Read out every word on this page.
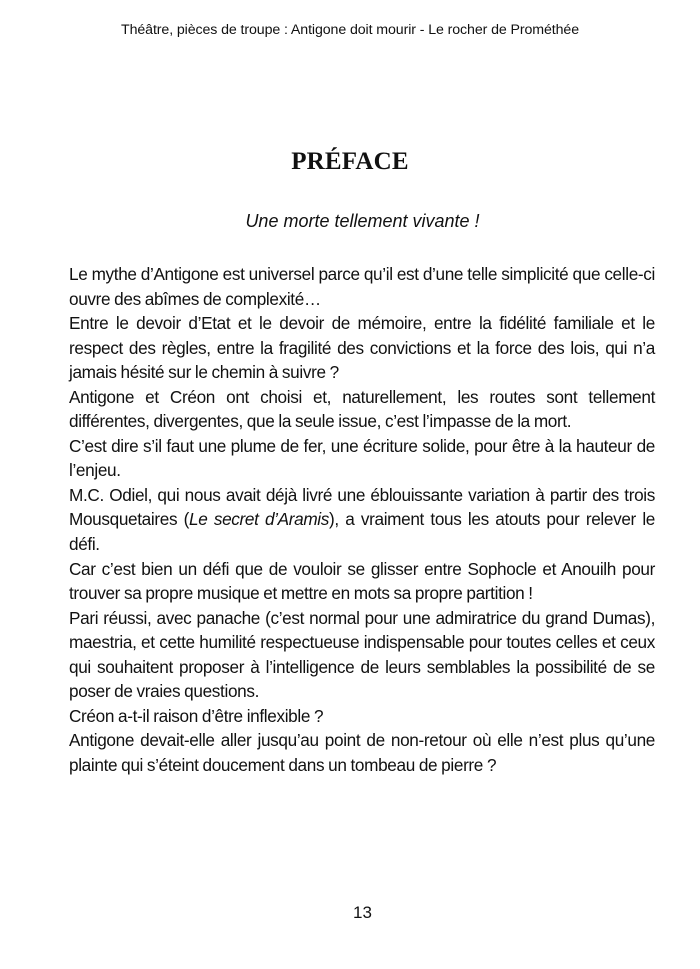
Théâtre, pièces de troupe : Antigone doit mourir - Le rocher de Prométhée
PRÉFACE
Une morte tellement vivante !

Le mythe d’Antigone est universel parce qu’il est d’une telle simplicité que celle-ci ouvre des abîmes de complexité…

Entre le devoir d’Etat et le devoir de mémoire, entre la fidélité familiale et le respect des règles, entre la fragilité des convictions et la force des lois, qui n’a jamais hésité sur le chemin à suivre ?

Antigone et Créon ont choisi et, naturellement, les routes sont tellement différentes, divergentes, que la seule issue, c’est l’impasse de la mort.

C’est dire s’il faut une plume de fer, une écriture solide, pour être à la hauteur de l’enjeu.

M.C. Odiel, qui nous avait déjà livré une éblouissante variation à partir des trois Mousquetaires (Le secret d’Aramis), a vraiment tous les atouts pour relever le défi.

Car c’est bien un défi que de vouloir se glisser entre Sophocle et Anouilh pour trouver sa propre musique et mettre en mots sa propre partition !

Pari réussi, avec panache (c’est normal pour une admiratrice du grand Dumas), maestria, et cette humilité respectueuse indispensable pour toutes celles et ceux qui souhaitent proposer à l’intelligence de leurs semblables la possibilité de se poser de vraies questions.

Créon a-t-il raison d’être inflexible ?

Antigone devait-elle aller jusqu’au point de non-retour où elle n’est plus qu’une plainte qui s’éteint doucement dans un tombeau de pierre ?

13
